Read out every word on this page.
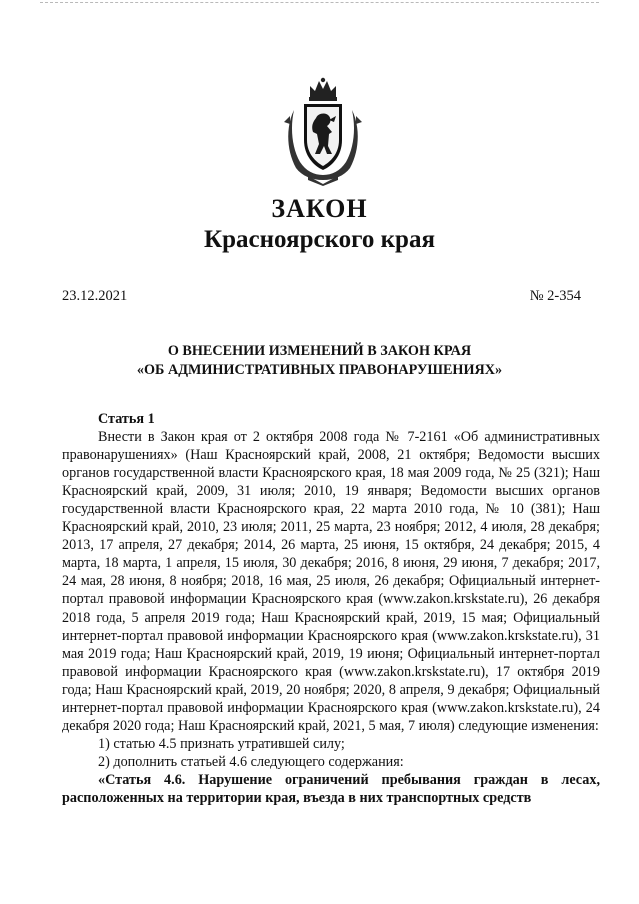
ЗАКОН
Красноярского края
23.12.2021	№ 2-354
О ВНЕСЕНИИ ИЗМЕНЕНИЙ В ЗАКОН КРАЯ
«ОБ АДМИНИСТРАТИВНЫХ ПРАВОНАРУШЕНИЯХ»
Статья 1

Внести в Закон края от 2 октября 2008 года № 7-2161 «Об административных правонарушениях» (Наш Красноярский край, 2008, 21 октября; Ведомости высших органов государственной власти Красноярского края, 18 мая 2009 года, № 25 (321); Наш Красноярский край, 2009, 31 июля; 2010, 19 января; Ведомости высших органов государственной власти Красноярского края, 22 марта 2010 года, № 10 (381); Наш Красноярский край, 2010, 23 июля; 2011, 25 марта, 23 ноября; 2012, 4 июля, 28 декабря; 2013, 17 апреля, 27 декабря; 2014, 26 марта, 25 июня, 15 октября, 24 декабря; 2015, 4 марта, 18 марта, 1 апреля, 15 июля, 30 декабря; 2016, 8 июня, 29 июня, 7 декабря; 2017, 24 мая, 28 июня, 8 ноября; 2018, 16 мая, 25 июля, 26 декабря; Официальный интернет-портал правовой информации Красноярского края (www.zakon.krskstate.ru), 26 декабря 2018 года, 5 апреля 2019 года; Наш Красноярский край, 2019, 15 мая; Официальный интернет-портал правовой информации Красноярского края (www.zakon.krskstate.ru), 31 мая 2019 года; Наш Красноярский край, 2019, 19 июня; Официальный интернет-портал правовой информации Красноярского края (www.zakon.krskstate.ru), 17 октября 2019 года; Наш Красноярский край, 2019, 20 ноября; 2020, 8 апреля, 9 декабря; Официальный интернет-портал правовой информации Красноярского края (www.zakon.krskstate.ru), 24 декабря 2020 года; Наш Красноярский край, 2021, 5 мая, 7 июля) следующие изменения:

1) статью 4.5 признать утратившей силу;

2) дополнить статьей 4.6 следующего содержания:

«Статья 4.6. Нарушение ограничений пребывания граждан в лесах, расположенных на территории края, въезда в них транспортных средств
